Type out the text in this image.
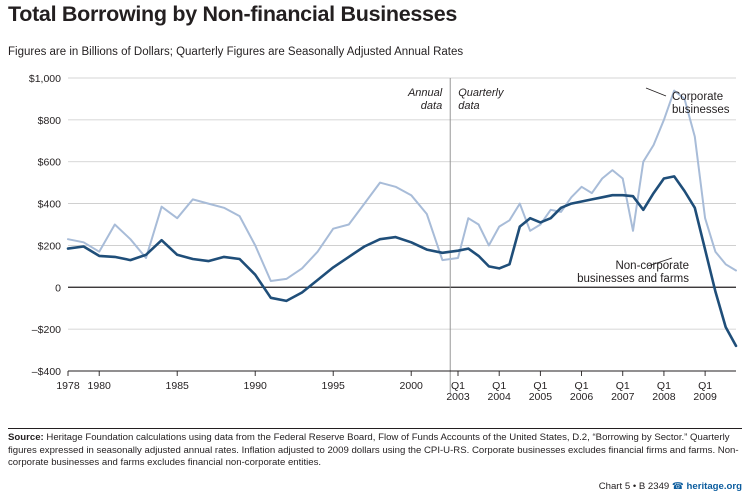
Total Borrowing by Non-financial Businesses
Figures are in Billions of Dollars; Quarterly Figures are Seasonally Adjusted Annual Rates
$1,000
$800
$600
$400
$200
0
–$200
–$400
1978 1980	1985	1990	1995	2000	Q1
2003
Q1
2004
Q1
2005
Q1
2006
Q1
2007
Q1
2008
Q1
2009
Annual
data
Quarterly
data
Corporate
businesses
Non-corporate
businesses and farms
Source: Heritage Foundation calculations using data from the Federal Reserve Board, Flow of Funds Accounts of the United States, D.2, “Borrowing by Sector.” Quarterly figures expressed in seasonally adjusted annual rates. Inflation adjusted to 2009 dollars using the CPI-U-RS. Corporate businesses excludes financial firms and farms. Non-corporate businesses and farms excludes financial non-corporate entities.
Chart 5 • B 2349 ☎ heritage.org
